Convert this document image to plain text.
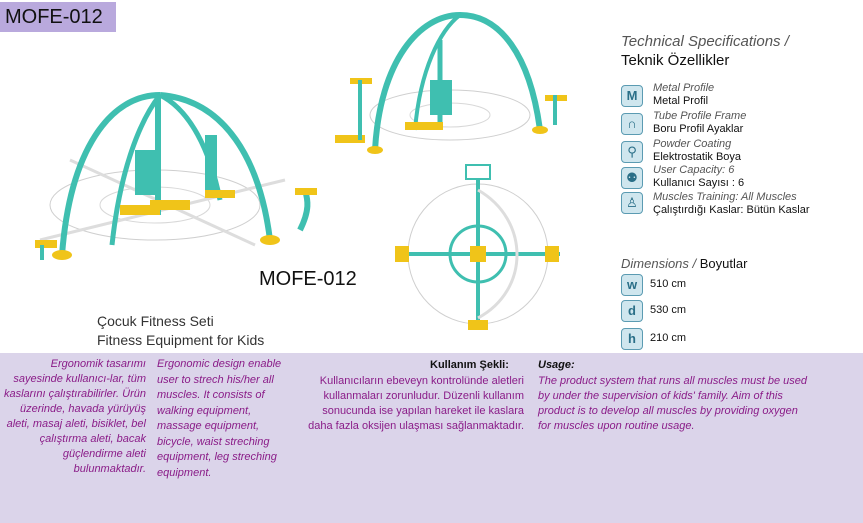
MOFE-012
MOFE-012
Çocuk Fitness Seti
Fitness Equipment for Kids
Technical Specifications /
Teknik Özellikler
M	Metal Profile
Metal Profil
∩	Tube Profile Frame
Boru Profil Ayaklar
⚲	Powder Coating
Elektrostatik Boya
⚉	User Capacity: 6
Kullanıcı Sayısı : 6
♙	Muscles Training: All Muscles
Çalıştırdığı Kaslar: Bütün Kaslar
Dimensions / Boyutlar
w	510 cm
d	530 cm
h	210 cm
Ergonomik tasarımı sayesinde kullanıcı-lar, tüm kaslarını çalıştırabilirler. Ürün üzerinde, havada yürüyüş aleti, masaj aleti, bisiklet, bel çalıştırma aleti, bacak güçlendirme aleti bulunmaktadır.
Ergonomic design enable user to strech his/her all muscles. It consists of walking equipment, massage equipment, bicycle, waist streching equipment, leg streching equipment.
Kullanım Şekli:
Kullanıcıların ebeveyn kontrolünde aletleri kullanmaları zorunludur. Düzenli kullanım sonucunda ise yapılan hareket ile kaslara daha fazla oksijen ulaşması sağlanmaktadır.
Usage:
The product system that runs all muscles must be used by under the supervision of kids' family. Aim of this product is to develop all muscles by providing oxygen for muscles upon routine usage.
